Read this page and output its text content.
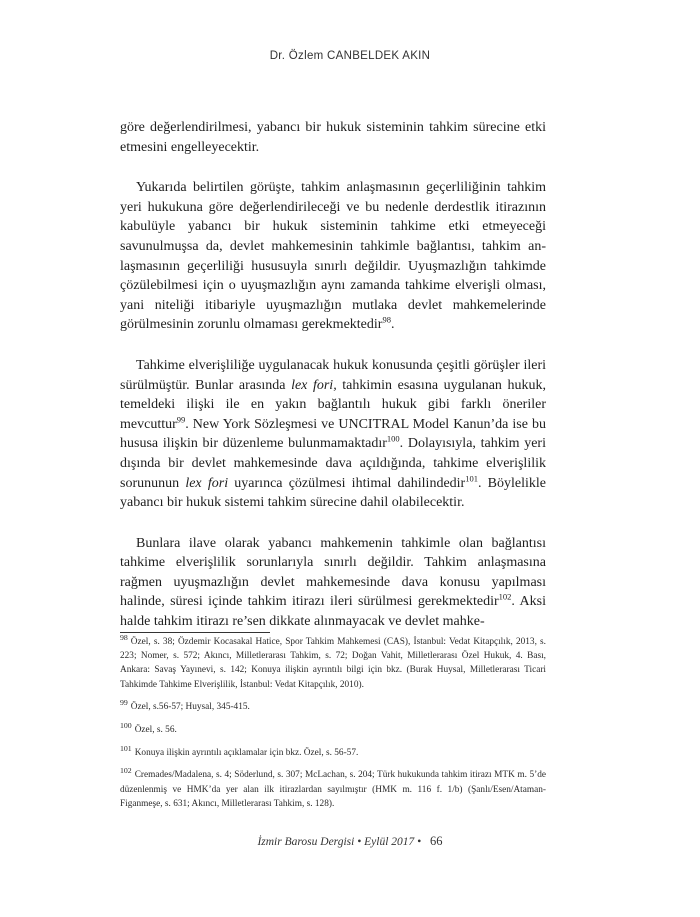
Dr. Özlem CANBELDEK AKIN

göre değerlendirilmesi, yabancı bir hukuk sisteminin tahkim sürecine etki etmesini engelleyecektir.

Yukarıda belirtilen görüşte, tahkim anlaşmasının geçerliliğinin tahkim yeri hukukuna göre değerlendirileceği ve bu nedenle derdestlik itirazının kabulüyle yabancı bir hukuk sisteminin tahkime etki etmeyeceği savunulmuşsa da, devlet mahkemesinin tahkimle bağlantısı, tahkim anlaşmasının geçerliliği hususuyla sınırlı değildir. Uyuşmazlığın tahkimde çözülebilmesi için o uyuşmazlığın aynı zamanda tahkime elverişli olması, yani niteliği itibariyle uyuşmazlığın mutlaka devlet mahkemelerinde görülmesinin zorunlu olmaması gerekmektedir$^{98}$.

Tahkime elverişliliğe uygulanacak hukuk konusunda çeşitli görüşler ileri sürülmüştür. Bunlar arasında lex fori, tahkimin esasına uygulanan hukuk, temeldeki ilişki ile en yakın bağlantılı hukuk gibi farklı öneriler mevcuttur$^{99}$. New York Sözleşmesi ve UNCITRAL Model Kanun’da ise bu hususa ilişkin bir düzenleme bulunmamaktadır$^{100}$. Dolayısıyla, tahkim yeri dışında bir devlet mahkemesinde dava açıldığında, tahkime elverişlilik sorununun lex fori uyarınca çözülmesi ihtimal dahilindedir$^{101}$. Böylelikle yabancı bir hukuk sistemi tahkim sürecine dahil olabilecektir.

Bunlara ilave olarak yabancı mahkemenin tahkimle olan bağlantısı tahkime elverişlilik sorunlarıyla sınırlı değildir. Tahkim anlaşmasına rağmen uyuşmazlığın devlet mahkemesinde dava konusu yapılması halinde, süresi içinde tahkim itirazı ileri sürülmesi gerekmektedir$^{102}$. Aksi halde tahkim itirazı re’sen dikkate alınmayacak ve devlet mahke-

$^{98}$ Özel, s. 38; Özdemir Kocasakal Hatice, Spor Tahkim Mahkemesi (CAS), İstanbul: Vedat Kitapçılık, 2013, s. 223; Nomer, s. 572; Akıncı, Milletlerarası Tahkim, s. 72; Doğan Vahit, Milletlerarası Özel Hukuk, 4. Bası, Ankara: Savaş Yayınevi, s. 142; Konuya ilişkin ayrıntılı bilgi için bkz. (Burak Huysal, Milletlerarası Ticari Tahkimde Tahkime Elverişlilik, İstanbul: Vedat Kitapçılık, 2010).
$^{99}$ Özel, s.56-57; Huysal, 345-415.
$^{100}$ Özel, s. 56.
$^{101}$ Konuya ilişkin ayrıntılı açıklamalar için bkz. Özel, s. 56-57.
$^{102}$ Cremades/Madalena, s. 4; Söderlund, s. 307; McLachan, s. 204; Türk hukukunda tahkim itirazı MTK m. 5’de düzenlenmiş ve HMK’da yer alan ilk itirazlardan sayılmıştır (HMK m. 116 f. 1/b) (Şanlı/Esen/Ataman-Figanmeşe, s. 631; Akıncı, Milletlerarası Tahkim, s. 128).
İzmir Barosu Dergisi • Eylül 2017 • 66
